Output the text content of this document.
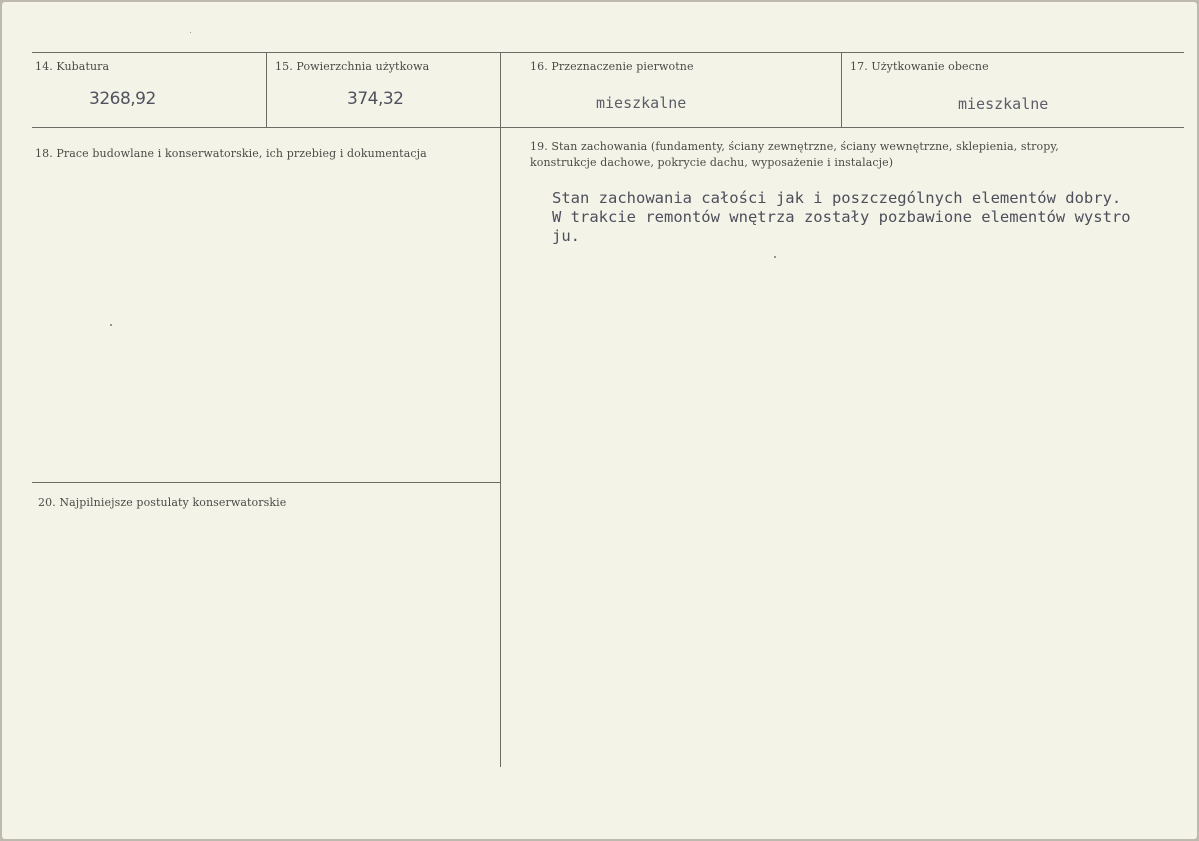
14. Kubatura
3268,92
15. Powierzchnia użytkowa
374,32
16. Przeznaczenie pierwotne
mieszkalne
17. Użytkowanie obecne
mieszkalne
18. Prace budowlane i konserwatorskie, ich przebieg i dokumentacja
19. Stan zachowania (fundamenty, ściany zewnętrzne, ściany wewnętrzne, sklepienia, stropy, konstrukcje dachowe, pokrycie dachu, wyposażenie i instalacje)
Stan zachowania całości jak i poszczególnych elementów dobry.
W trakcie remontów wnętrza zostały pozbawione elementów wystro
ju.
20. Najpilniejsze postulaty konserwatorskie
